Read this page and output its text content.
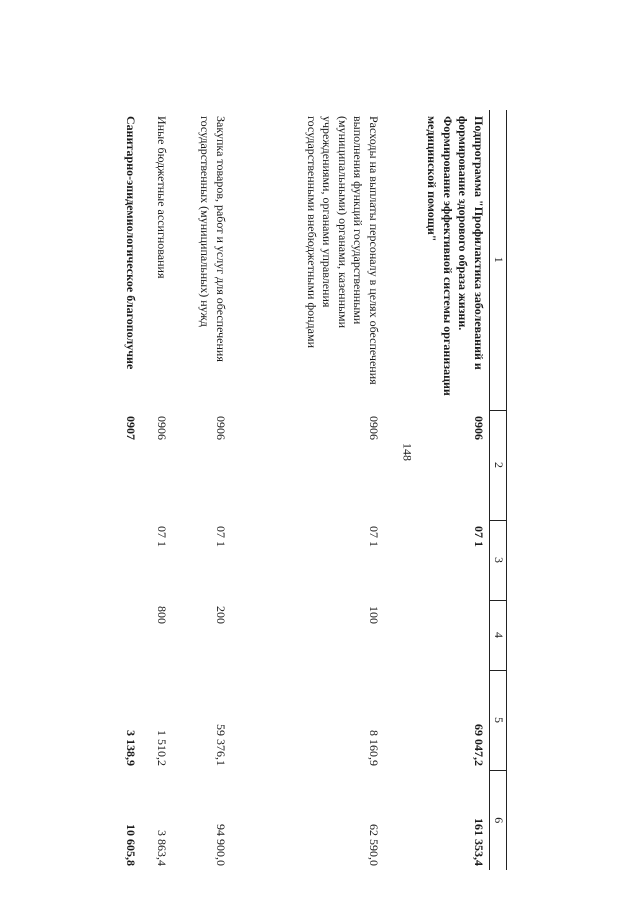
148
1	2	3	4	5	6
Подпрограмма "Профилактика заболеваний и формирование здорового образа жизни. Формирование эффективной системы организации медицинской помощи"	0906	07 1		69 047,2	161 353,4
Расходы на выплаты персоналу в целях обеспечения выполнения функций государственными (муниципальными) органами, казенными учреждениями, органами управления государственными внебюджетными фондами	0906	07 1	100	8 160,9	62 590,0
Закупка товаров, работ и услуг для обеспечения государственных (муниципальных) нужд	0906	07 1	200	59 376,1	94 900,0
Иные бюджетные ассигнования	0906	07 1	800	1 510,2	3 863,4
Санитарно-эпидемиологическое благополучие	0907			3 138,9	10 605,8
